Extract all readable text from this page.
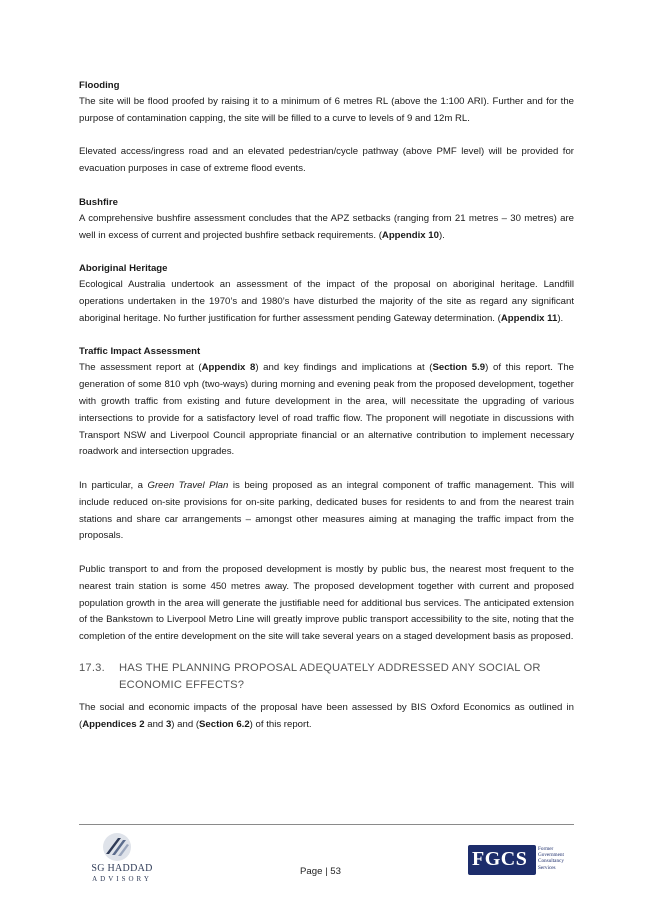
Flooding

The site will be flood proofed by raising it to a minimum of 6 metres RL (above the 1:100 ARI). Further and for the purpose of contamination capping, the site will be filled to a curve to levels of 9 and 12m RL.

Elevated access/ingress road and an elevated pedestrian/cycle pathway (above PMF level) will be provided for evacuation purposes in case of extreme flood events.

Bushfire

A comprehensive bushfire assessment concludes that the APZ setbacks (ranging from 21 metres – 30 metres) are well in excess of current and projected bushfire setback requirements. (Appendix 10).

Aboriginal Heritage

Ecological Australia undertook an assessment of the impact of the proposal on aboriginal heritage. Landfill operations undertaken in the 1970’s and 1980’s have disturbed the majority of the site as regard any significant aboriginal heritage. No further justification for further assessment pending Gateway determination. (Appendix 11).

Traffic Impact Assessment

The assessment report at (Appendix 8) and key findings and implications at (Section 5.9) of this report. The generation of some 810 vph (two-ways) during morning and evening peak from the proposed development, together with growth traffic from existing and future development in the area, will necessitate the upgrading of various intersections to provide for a satisfactory level of road traffic flow. The proponent will negotiate in discussions with Transport NSW and Liverpool Council appropriate financial or an alternative contribution to implement necessary roadwork and intersection upgrades.

In particular, a Green Travel Plan is being proposed as an integral component of traffic management. This will include reduced on-site provisions for on-site parking, dedicated buses for residents to and from the nearest train stations and share car arrangements – amongst other measures aiming at managing the traffic impact from the proposals.

Public transport to and from the proposed development is mostly by public bus, the nearest most frequent to the nearest train station is some 450 metres away. The proposed development together with current and proposed population growth in the area will generate the justifiable need for additional bus services. The anticipated extension of the Bankstown to Liverpool Metro Line will greatly improve public transport accessibility to the site, noting that the completion of the entire development on the site will take several years on a staged development basis as proposed.

17.3.	HAS THE PLANNING PROPOSAL ADEQUATELY ADDRESSED ANY SOCIAL OR ECONOMIC EFFECTS?

The social and economic impacts of the proposal have been assessed by BIS Oxford Economics as outlined in (Appendices 2 and 3) and (Section 6.2) of this report.

SG HADDAD
ADVISORY
Page | 53
FGCS Former
Government
Consultancy
Services
